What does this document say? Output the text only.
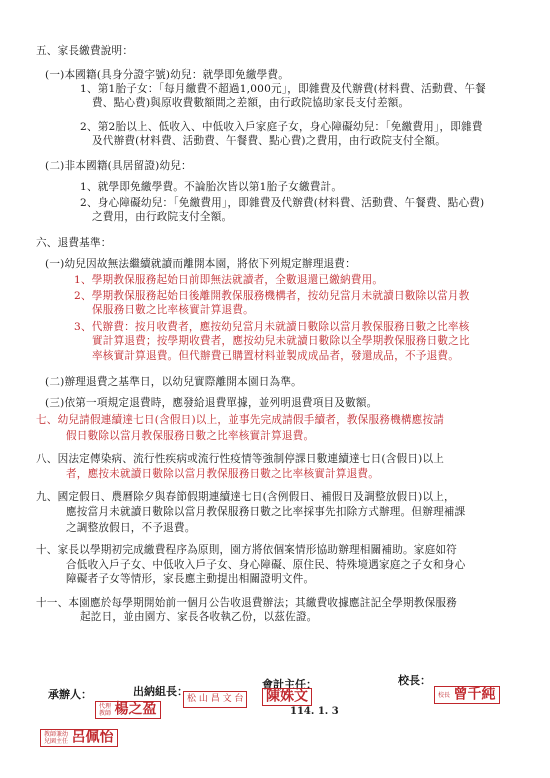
五、家長繳費說明：
(一)本國籍(具身分證字號)幼兒：就學即免繳學費。
1、第1胎子女：「每月繳費不超過1,000元」，即雜費及代辦費(材料費、活動費、午餐
費、點心費)與原收費數額間之差額，由行政院協助家長支付差額。
2、第2胎以上、低收入、中低收入戶家庭子女，身心障礙幼兒：「免繳費用」，即雜費
及代辦費(材料費、活動費、午餐費、點心費)之費用，由行政院支付全額。
(二)非本國籍(具居留證)幼兒：
1、就學即免繳學費。不論胎次皆以第1胎子女繳費計。
2、身心障礙幼兒：「免繳費用」，即雜費及代辦費(材料費、活動費、午餐費、點心費)
之費用，由行政院支付全額。
六、退費基準：
(一)幼兒因故無法繼續就讀而離開本園，將依下列規定辦理退費：
1、學期教保服務起始日前即無法就讀者，全數退還已繳納費用。
2、學期教保服務起始日後離開教保服務機構者，按幼兒當月未就讀日數除以當月教
保服務日數之比率核實計算退費。
3、代辦費：按月收費者，應按幼兒當月未就讀日數除以當月教保服務日數之比率核
實計算退費；按學期收費者，應按幼兒未就讀日數除以全學期教保服務日數之比
率核實計算退費。但代辦費已購置材料並製成成品者，發還成品，不予退費。
(二)辦理退費之基準日，以幼兒實際離開本園日為準。
(三)依第一項規定退費時，應發給退費單據，並列明退費項目及數額。
七、幼兒請假連續達七日(含假日)以上，並事先完成請假手續者，教保服務機構應按請
假日數除以當月教保服務日數之比率核實計算退費。
八、因法定傳染病、流行性疾病或流行性疫情等強制停課日數連續達七日(含假日)以上
者，應按未就讀日數除以當月教保服務日數之比率核實計算退費。
九、國定假日、農曆除夕與春節假期連續達七日(含例假日、補假日及調整放假日)以上，
應按當月未就讀日數除以當月教保服務日數之比率採事先扣除方式辦理。但辦理補課
之調整放假日，不予退費。
十、家長以學期初完成繳費程序為原則，園方將依個案情形協助辦理相關補助。家庭如符
合低收入戶子女、中低收入戶子女、身心障礙、原住民、特殊境遇家庭之子女和身心
障礙者子女等情形，家長應主動提出相關證明文件。
十一、本園應於每學期開始前一個月公告收退費辦法；其繳費收據應註記全學期教保服務
起訖日，並由園方、家長各收執乙份，以茲佐證。
承辦人：	出納組長：
會計主任：	校長：
代理
教師 楊之盈
松 山 昌 文 台 陳姝文
114. 1. 3
校長 曾千純
教師兼幼
兒園主任 呂佩怡
